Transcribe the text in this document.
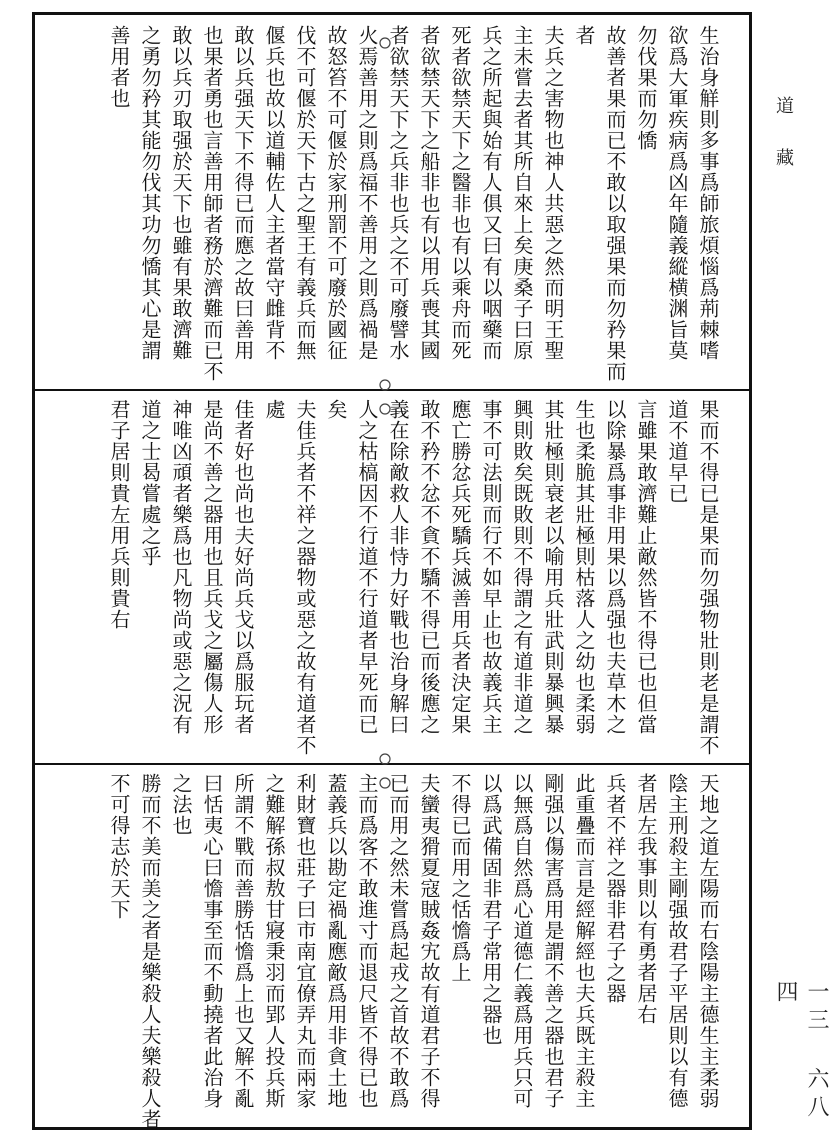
道藏
一三 六八四
生治身觧則多事爲師旅煩惱爲荊棘嗜
欲爲大軍疾病爲凶年隨義縱横渊旨莫
勿伐果而勿憍
故善者果而已不敢以取强果而勿矜果而
者
夫兵之害物也神人共惡之然而明王聖
主未嘗去者其所自來上矣庚桑子曰原
兵之所起與始有人俱又曰有以咽藥而
死者欲禁天下之醫非也有以乘舟而死
者欲禁天下之船非也有以用兵喪其國
者欲禁天下之兵非也兵之不可廢譬水
火焉善用之則爲福不善用之則爲禍是
故怒笞不可偃於家刑罰不可廢於國征
伐不可偃於天下古之聖王有義兵而無
偃兵也故以道輔佐人主者當守雌背不
敢以兵强天下不得已而應之故曰善用
也果者勇也言善用師者務於濟難而已不
敢以兵刃取强於天下也雖有果敢濟難
之勇勿矜其能勿伐其功勿憍其心是謂
善用者也
果而不得已是果而勿强物壯則老是謂不
道不道早已
言雖果敢濟難止敵然皆不得已也但當
以除暴爲事非用果以爲强也夫草木之
生也柔脆其壯極則枯落人之幼也柔弱
其壯極則衰老以喻用兵壯武則暴興暴
興則敗矣既敗則不得謂之有道非道之
事不可法則而行不如早止也故義兵主
應亡勝忿兵死驕兵滅善用兵者決定果
敢不矜不忿不貪不驕不得已而後應之
義在除敵救人非恃力好戰也治身解曰
人之枯槁因不行道不行道者早死而已
矣
夫佳兵者不祥之器物或惡之故有道者不
處
佳者好也尚也夫好尚兵戈以爲服玩者
是尚不善之器用也且兵戈之屬傷人形
神唯凶頑者樂爲也凡物尚或惡之況有
道之士曷嘗處之乎
君子居則貴左用兵則貴右
天地之道左陽而右陰陽主德生主柔弱
陰主刑殺主剛强故君子平居則以有德
者居左我事則以有勇者居右
兵者不祥之器非君子之器
此重疊而言是經解經也夫兵既主殺主
剛强以傷害爲用是謂不善之器也君子
以無爲自然爲心道德仁義爲用兵只可
以爲武備固非君子常用之器也
不得已而用之恬憺爲上
夫蠻夷猾夏寇賊姦宄故有道君子不得
已而用之然未嘗爲起戎之首故不敢爲
主而爲客不敢進寸而退尺皆不得已也
蓋義兵以勘定禍亂應敵爲用非貪土地
利財寶也莊子曰市南宜僚弄丸而兩家
之難解孫叔敖甘寢秉羽而郢人投兵斯
所謂不戰而善勝恬憺爲上也又解不亂
曰恬夷心曰憺事至而不動撓者此治身
之法也
勝而不美而美之者是樂殺人夫樂殺人者
不可得志於天下
